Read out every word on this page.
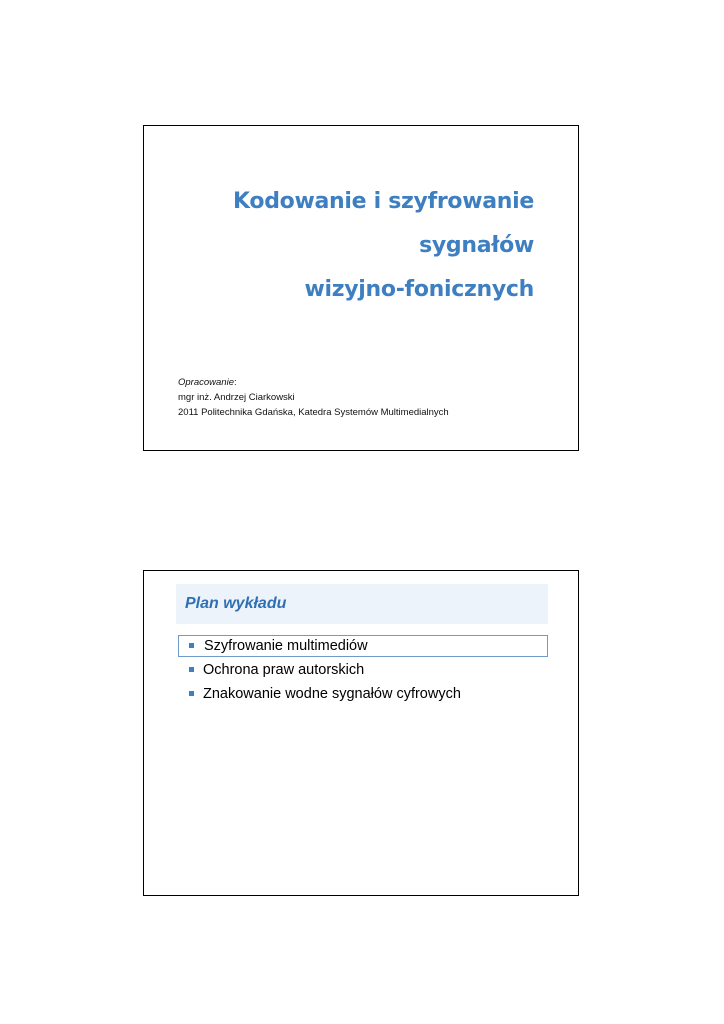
Kodowanie i szyfrowanie
sygnałów
wizyjno-fonicznych
Opracowanie:
mgr inż. Andrzej Ciarkowski
2011 Politechnika Gdańska, Katedra Systemów Multimedialnych
Plan wykładu
Szyfrowanie multimediów
Ochrona praw autorskich
Znakowanie wodne sygnałów cyfrowych
